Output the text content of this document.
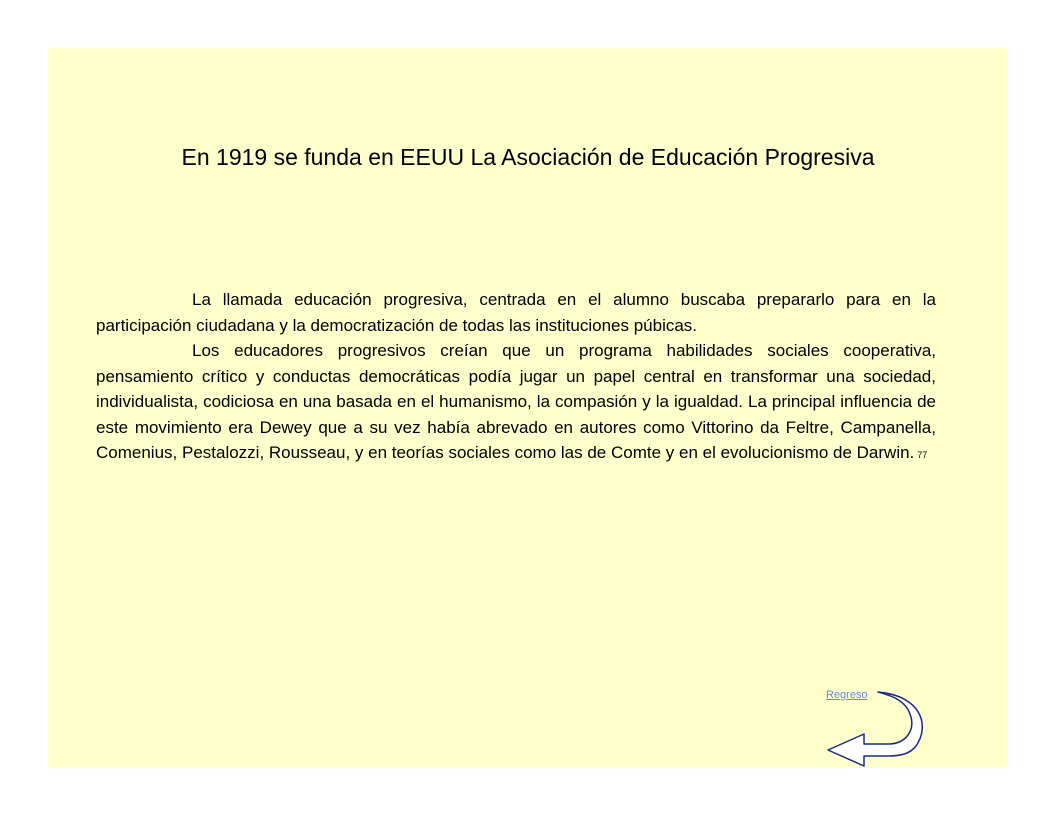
En 1919 se funda en EEUU La Asociación de Educación Progresiva

La llamada educación progresiva, centrada en el alumno buscaba prepararlo para en la participación ciudadana y la democratización de todas las instituciones púbicas.

Los educadores progresivos creían que un programa habilidades sociales cooperativa, pensamiento crítico y conductas democráticas podía jugar un papel central en transformar una sociedad, individualista, codiciosa en una basada en el humanismo, la compasión y la igualdad. La principal influencia de este movimiento era Dewey que a su vez había abrevado en autores como Vittorino da Feltre, Campanella, Comenius, Pestalozzi, Rousseau, y en teorías sociales como las de Comte y en el evolucionismo de Darwin. 77

Regreso
